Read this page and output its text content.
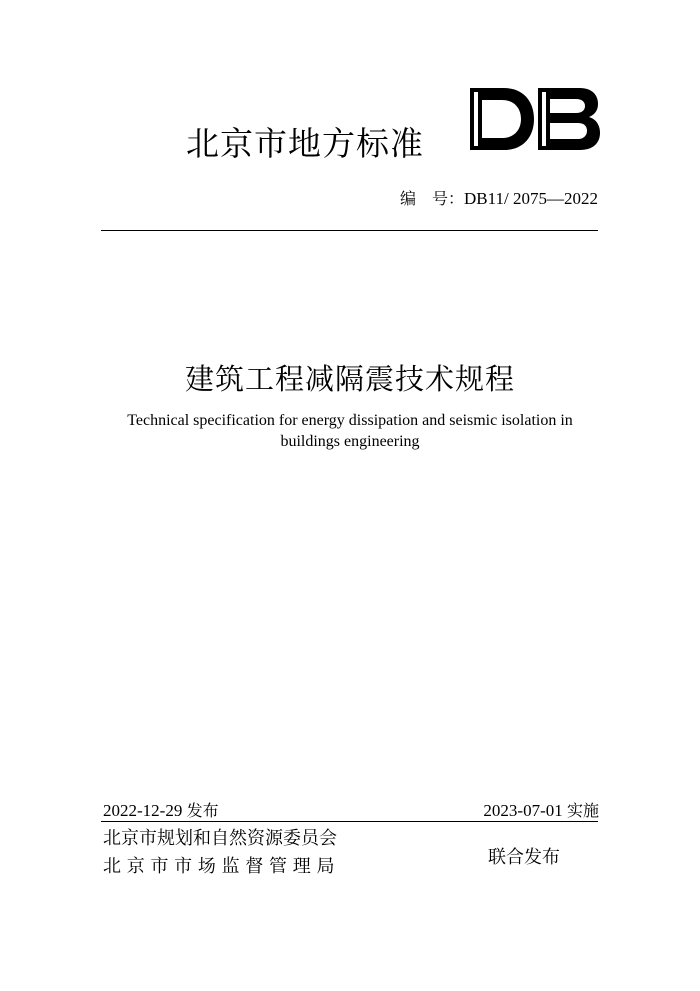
北京市地方标准
编　号：DB11/ 2075—2022
建筑工程减隔震技术规程
Technical specification for energy dissipation and seismic isolation in
buildings engineering
2022-12-29 发布	2023-07-01 实施
北京市规划和自然资源委员会
北 京 市 市 场 监 督 管 理 局	联合发布
